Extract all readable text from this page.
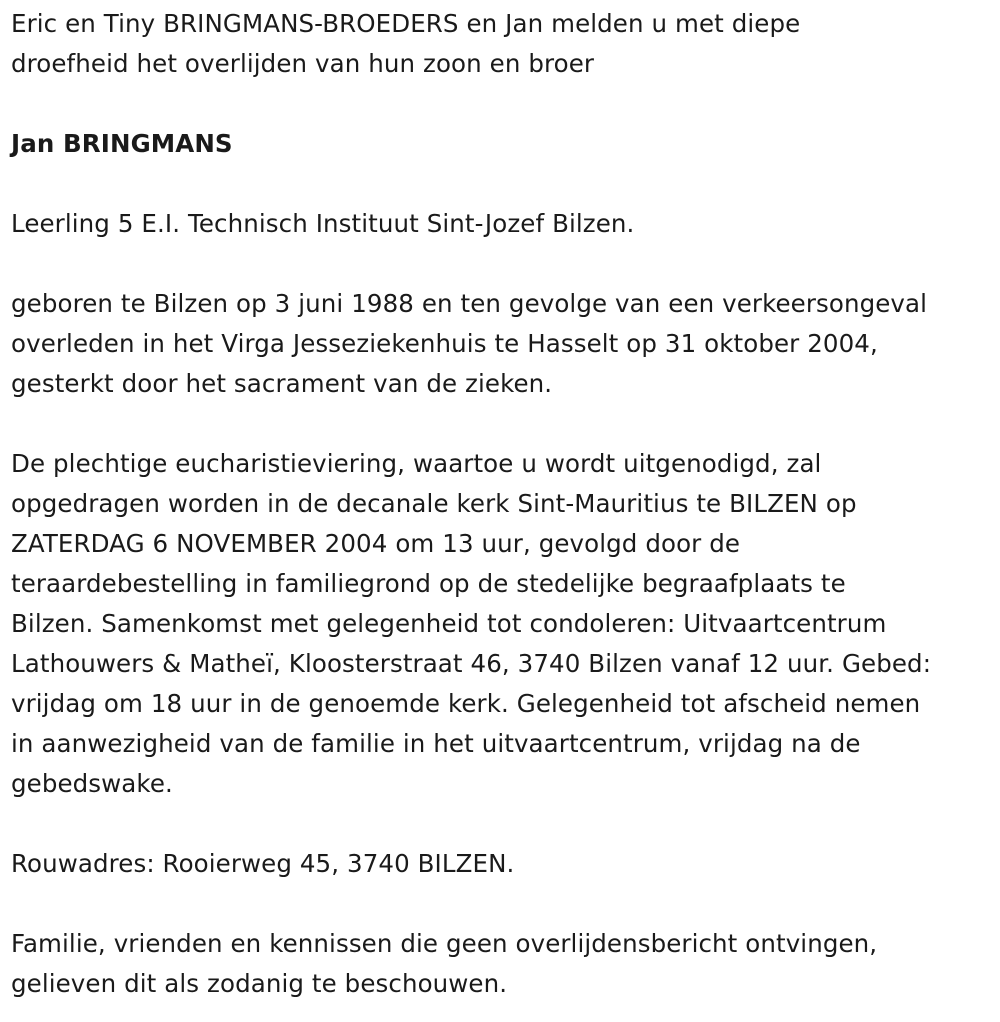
Eric en Tiny BRINGMANS-BROEDERS en Jan melden u met diepe
droefheid het overlijden van hun zoon en broer

Jan BRINGMANS

Leerling 5 E.I. Technisch Instituut Sint-Jozef Bilzen.

geboren te Bilzen op 3 juni 1988 en ten gevolge van een verkeersongeval
overleden in het Virga Jesseziekenhuis te Hasselt op 31 oktober 2004,
gesterkt door het sacrament van de zieken.

De plechtige eucharistieviering, waartoe u wordt uitgenodigd, zal
opgedragen worden in de decanale kerk Sint-Mauritius te BILZEN op
ZATERDAG 6 NOVEMBER 2004 om 13 uur, gevolgd door de
teraardebestelling in familiegrond op de stedelijke begraafplaats te
Bilzen. Samenkomst met gelegenheid tot condoleren: Uitvaartcentrum
Lathouwers & Matheï, Kloosterstraat 46, 3740 Bilzen vanaf 12 uur. Gebed:
vrijdag om 18 uur in de genoemde kerk. Gelegenheid tot afscheid nemen
in aanwezigheid van de familie in het uitvaartcentrum, vrijdag na de
gebedswake.

Rouwadres: Rooierweg 45, 3740 BILZEN.

Familie, vrienden en kennissen die geen overlijdensbericht ontvingen,
gelieven dit als zodanig te beschouwen.
